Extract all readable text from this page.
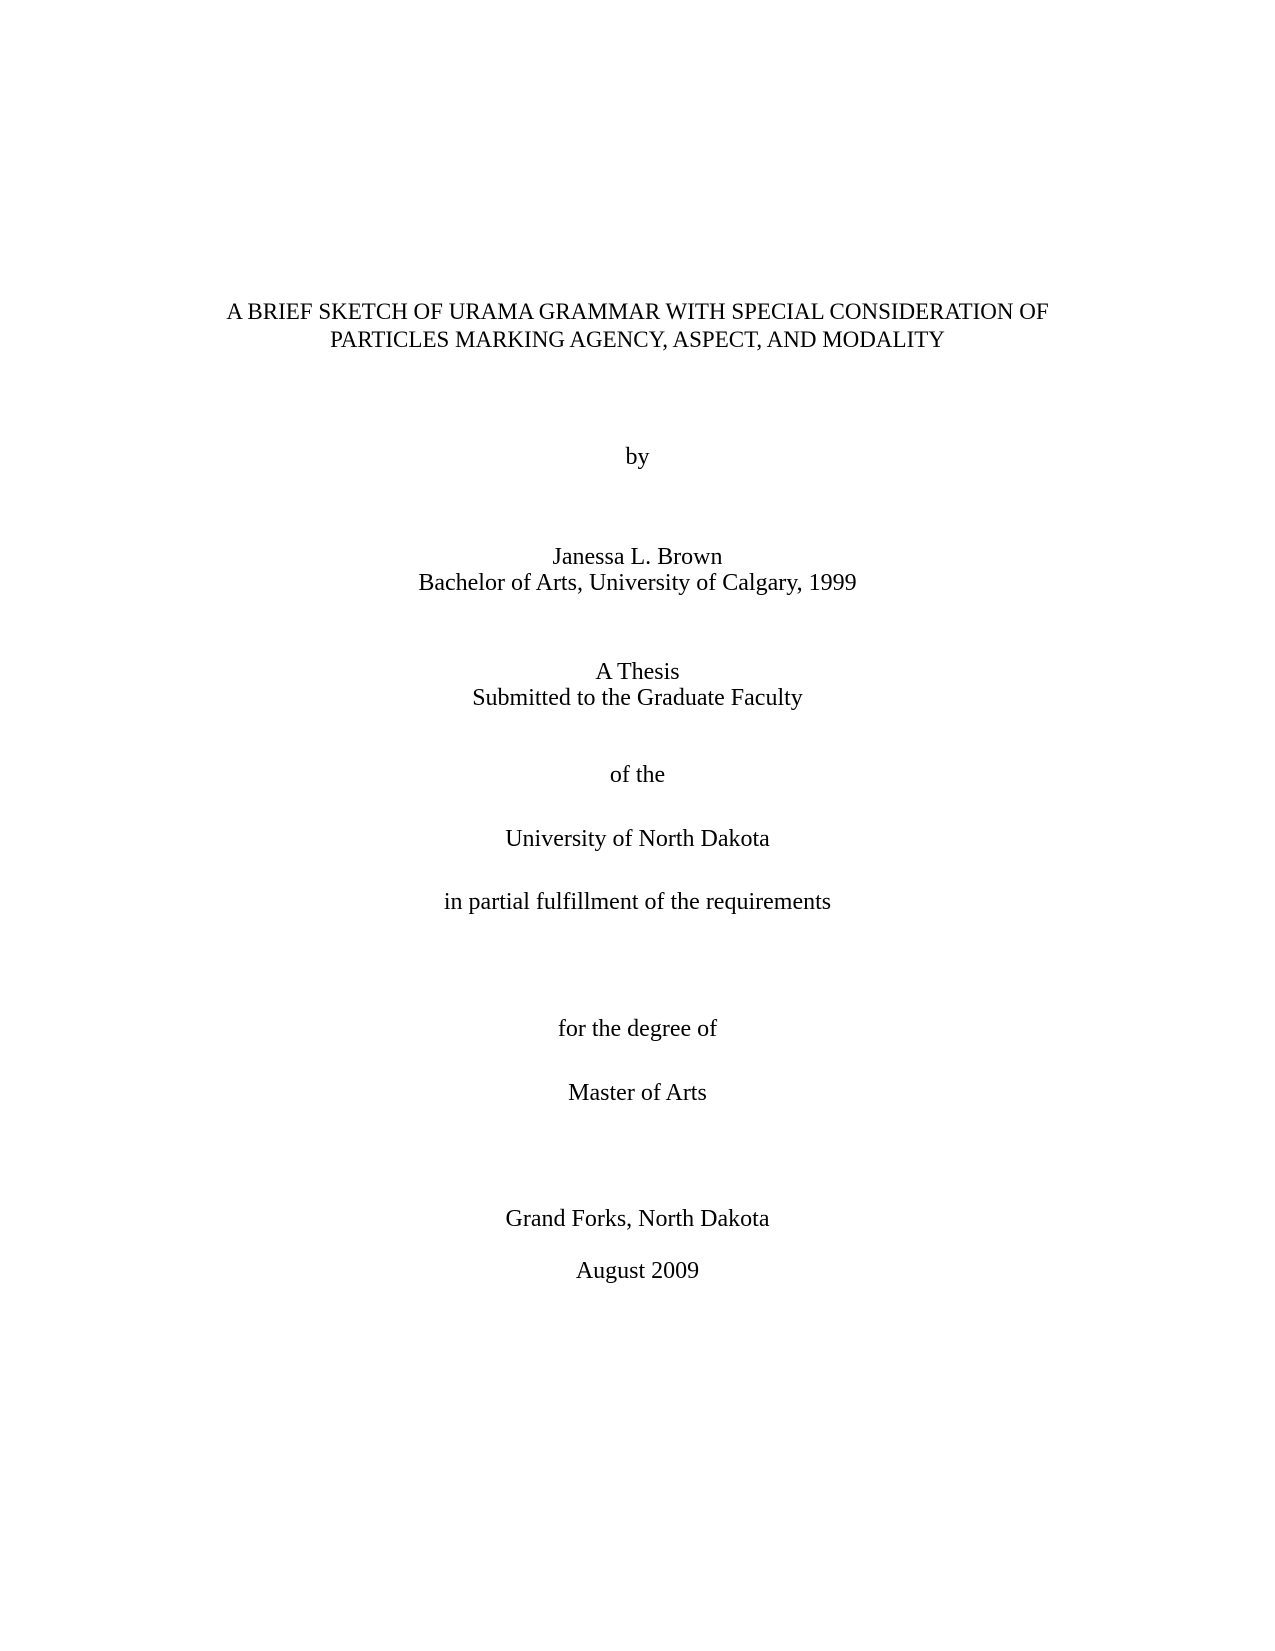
A BRIEF SKETCH OF URAMA GRAMMAR WITH SPECIAL CONSIDERATION OF
PARTICLES MARKING AGENCY, ASPECT, AND MODALITY
by
Janessa L. Brown
Bachelor of Arts, University of Calgary, 1999
A Thesis
Submitted to the Graduate Faculty
of the
University of North Dakota
in partial fulfillment of the requirements
for the degree of
Master of Arts
Grand Forks, North Dakota
August 2009
